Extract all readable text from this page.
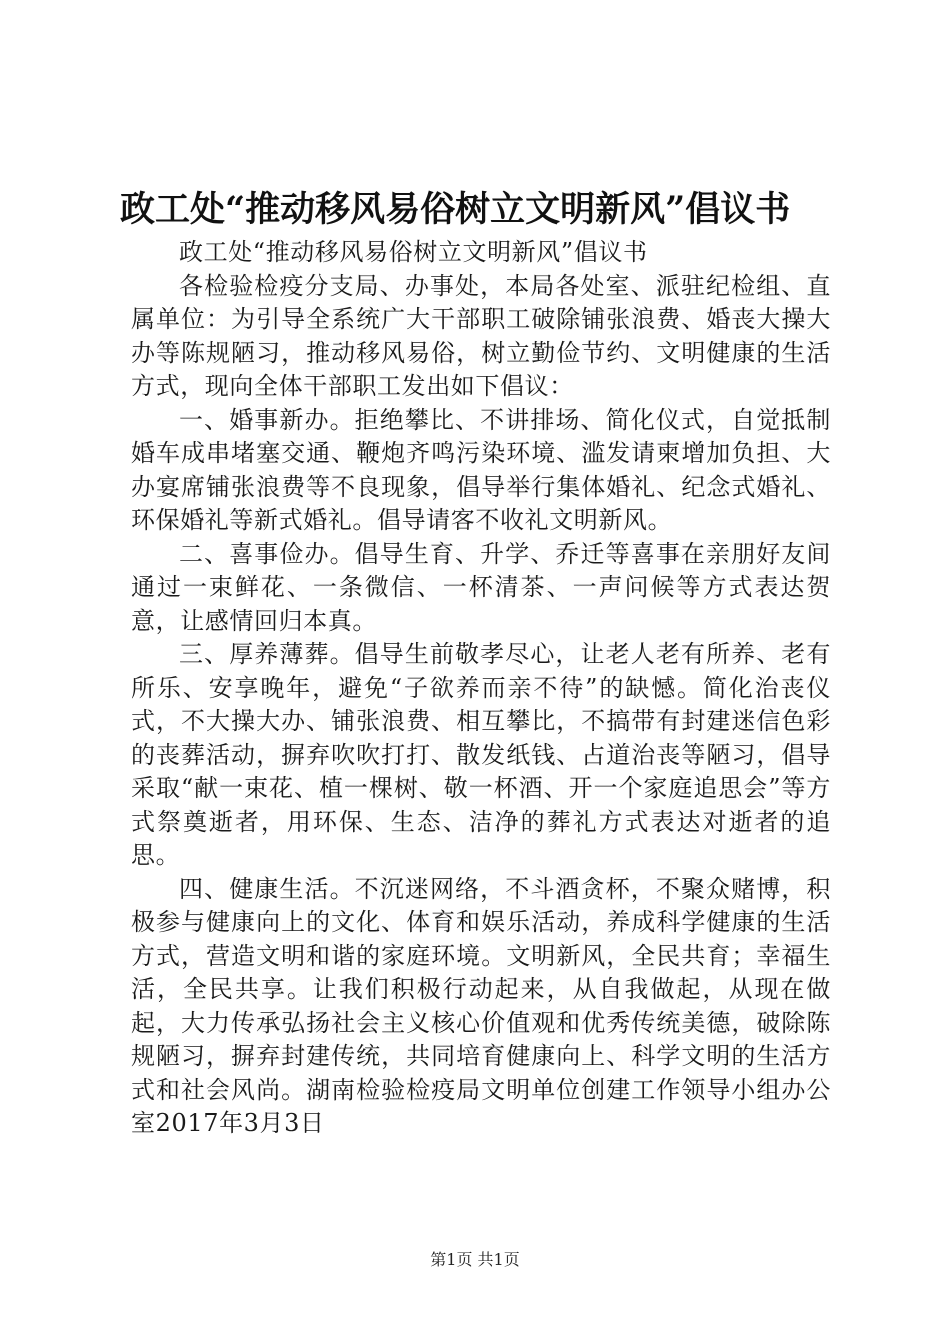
政工处“推动移风易俗树立文明新风”倡议书

政工处“推动移风易俗树立文明新风”倡议书

各检验检疫分支局、办事处，本局各处室、派驻纪检组、直属单位：为引导全系统广大干部职工破除铺张浪费、婚丧大操大办等陈规陋习，推动移风易俗，树立勤俭节约、文明健康的生活方式，现向全体干部职工发出如下倡议：

一、婚事新办。拒绝攀比、不讲排场、简化仪式，自觉抵制婚车成串堵塞交通、鞭炮齐鸣污染环境、滥发请柬增加负担、大办宴席铺张浪费等不良现象，倡导举行集体婚礼、纪念式婚礼、环保婚礼等新式婚礼。倡导请客不收礼文明新风。

二、喜事俭办。倡导生育、升学、乔迁等喜事在亲朋好友间通过一束鲜花、一条微信、一杯清茶、一声问候等方式表达贺意，让感情回归本真。

三、厚养薄葬。倡导生前敬孝尽心，让老人老有所养、老有所乐、安享晚年，避免“子欲养而亲不待”的缺憾。简化治丧仪式，不大操大办、铺张浪费、相互攀比，不搞带有封建迷信色彩的丧葬活动，摒弃吹吹打打、散发纸钱、占道治丧等陋习，倡导采取“献一束花、植一棵树、敬一杯酒、开一个家庭追思会”等方式祭奠逝者，用环保、生态、洁净的葬礼方式表达对逝者的追思。

四、健康生活。不沉迷网络，不斗酒贪杯，不聚众赌博，积极参与健康向上的文化、体育和娱乐活动，养成科学健康的生活方式，营造文明和谐的家庭环境。文明新风，全民共育；幸福生活，全民共享。让我们积极行动起来，从自我做起，从现在做起，大力传承弘扬社会主义核心价值观和优秀传统美德，破除陈规陋习，摒弃封建传统，共同培育健康向上、科学文明的生活方式和社会风尚。湖南检验检疫局文明单位创建工作领导小组办公室2017年3月3日

第1页 共1页
